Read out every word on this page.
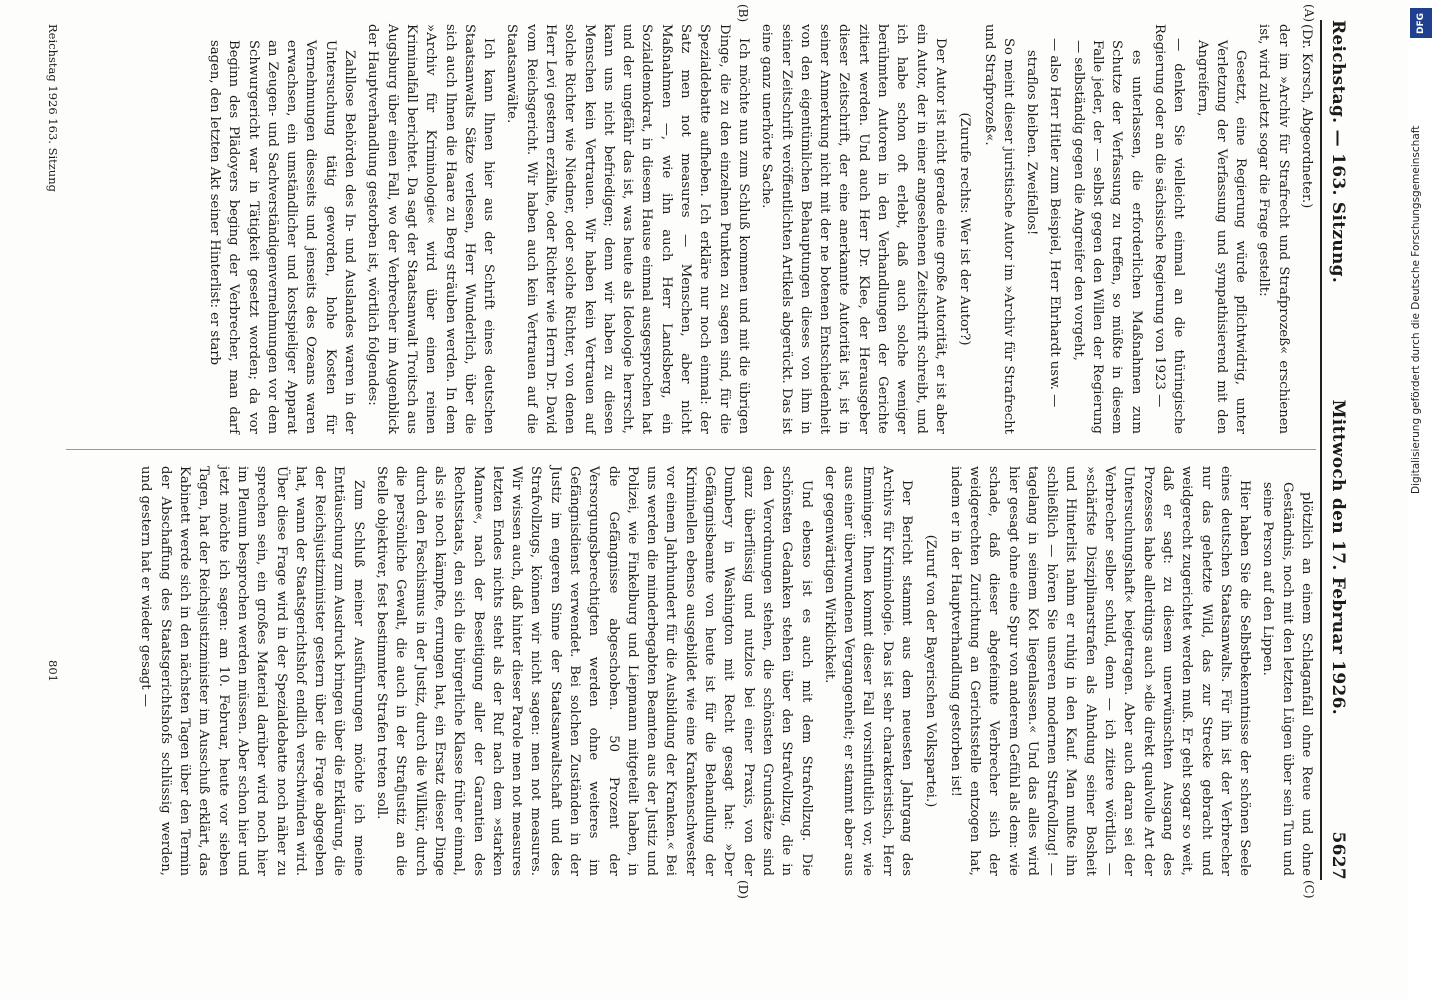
Reichstag. — 163. Sitzung.
Mittwoch den 17. Februar 1926.
5627
(A)
(B)
(C)
(D)

(Dr. Korsch, Abgeordneter.)

der im »Archiv für Strafrecht und Strafprozeß« erschienen ist, wird zuletzt sogar die Frage gestellt:

Gesetzt, eine Regierung würde pflichtwidrig, unter Verletzung der Verfassung und sympathisierend mit den Angreifern,

— denken Sie vielleicht einmal an die thüringische Regierung oder an die sächsische Regierung von 1923 —

es unterlassen, die erforderlichen Maßnahmen zum Schutze der Verfassung zu treffen, so müßte in diesem Falle jeder, der — selbst gegen den Willen der Regierung — selbständig gegen die Angreifer den vorgeht,

— also Herr Hitler zum Beispiel, Herr Ehrhardt usw. —

straflos bleiben. Zweifellos!

So meint dieser juristische Autor im »Archiv für Strafrecht und Strafprozeß«.

(Zurufe rechts: Wer ist der Autor?)

Der Autor ist nicht gerade eine große Autorität, er ist aber ein Autor, der in einer angesehenen Zeitschrift schreibt, und ich habe schon oft erlebt, daß auch solche weniger berühmten Autoren in den Verhandlungen der Gerichte zitiert werden. Und auch Herr Dr. Klee, der Herausgeber dieser Zeitschrift, der eine anerkannte Autorität ist, ist in seiner Anmerkung nicht mit der ne botenen Entschiedenheit von den eigentümlichen Behauptungen dieses von ihm in seiner Zeitschrift veröffentlichten Artikels abgerückt. Das ist eine ganz unerhörte Sache.

Ich möchte nun zum Schluß kommen und mit die übrigen Dinge, die zu den einzelnen Punkten zu sagen sind, für die Spezialdebatte aufheben. Ich erkläre nur noch einmal: der Satz men not measures — Menschen, aber nicht Maßnahmen —, wie ihn auch Herr Landsberg, ein Sozialdemokrat, in diesem Hause einmal ausgesprochen hat und der ungefähr das ist, was heute als Ideologie herrscht, kann uns nicht befriedigen; denn wir haben zu diesen Menschen kein Vertrauen. Wir haben kein Vertrauen auf solche Richter wie Niedner, oder solche Richter, von denen Herr Levi gestern erzählte, oder Richter wie Herrn Dr. David vom Reichsgericht. Wir haben auch kein Vertrauen auf die Staatsanwälte.

Ich kann Ihnen hier aus der Schrift eines deutschen Staatsanwalts Sätze verlesen, Herr Wunderlich, über die sich auch Ihnen die Haare zu Berg sträuben werden. In dem »Archiv für Kriminologie« wird über einen reinen Kriminalfall berichtet. Da sagt der Staatsanwalt Troitsch aus Augsburg über einen Fall, wo der Verbrecher im Augenblick der Hauptverhandlung gestorben ist, wörtlich folgendes:

Zahllose Behörden des In- und Auslandes waren in der Untersuchung tätig geworden, hohe Kosten für Vernehmungen diesseits und jenseits des Ozeans waren erwachsen, ein umständlicher und kostspieliger Apparat an Zeugen- und Sachverständigenvernehmungen vor dem Schwurgericht war in Tätigkeit gesetzt worden; da vor Beginn des Plädoyers beging der Verbrecher, man darf sagen, den letzten Akt seiner Hinterlist: er starb

plötzlich an einem Schlaganfall ohne Reue und ohne Geständnis, noch mit den letzten Lügen über sein Tun und seine Person auf den Lippen.

Hier haben Sie die Selbstbekenntnisse der schönen Seele eines deutschen Staatsanwalts. Für ihn ist der Verbrecher nur das gehetzte Wild, das zur Strecke gebracht und weidgerecht zugerichtet werden muß. Er geht sogar so weit, daß er sagt: zu diesem unerwünschten Ausgang des Prozesses habe allerdings auch »die direkt qualvolle Art der Untersuchungshaft« beigetragen. Aber auch daran sei der Verbrecher selber schuld, denn — ich zitiere wörtlich — »schärfste Disziplinarstrafen als Ahndung seiner Bosheit und Hinterlist nahm er ruhig in den Kauf. Man mußte ihn schließlich — hören Sie unseren modernen Strafvollzug! — tagelang in seinem Kot liegenlassen.« Und das alles wird hier gesagt ohne eine Spur von anderem Gefühl als dem: wie schade, daß dieser abgefeimte Verbrecher sich der weidgerechten Zurichtung an Gerichtsstelle entzogen hat, indem er in der Hauptverhandlung gestorben ist!

(Zuruf von der Bayerischen Volkspartei.)

Der Bericht stammt aus dem neuesten Jahrgang des Archivs für Kriminologie. Das ist sehr charakteristisch, Herr Emminger. Ihnen kommt dieser Fall vorsintflutlich vor, wie aus einer überwundenen Vergangenheit; er stammt aber aus der gegenwärtigen Wirklichkeit.

Und ebenso ist es auch mit dem Strafvollzug. Die schönsten Gedanken stehen über den Strafvollzug, die in den Verordnungen stehen, die schönsten Grundsätze sind ganz überflüssig und nutzlos bei einer Praxis, von der Dumbery in Washington mit Recht gesagt hat: »Der Gefängnisbeamte von heute ist für die Behandlung der Kriminellen ebenso ausgebildet wie eine Krankenschwester vor einem Jahrhundert für die Ausbildung der Kranken.« Bei uns werden die minderbegabten Beamten aus der Justiz und Polizei, wie Finkelburg und Liepmann mitgeteilt haben, in die Gefängnisse abgeschoben. 50 Prozent der Versorgungsberechtigten werden ohne weiteres im Gefängnisdienst verwendet. Bei solchen Zuständen in der Justiz im engeren Sinne der Staatsanwaltschaft und des Strafvollzugs, können wir nicht sagen: men not measures. Wir wissen auch, daß hinter dieser Parole men not measures letzten Endes nichts steht als der Ruf nach dem »starken Manne«, nach der Beseitigung aller der Garantien des Rechtsstaats, den sich die bürgerliche Klasse früher einmal, als sie noch kämpfte, errungen hat, ein Ersatz dieser Dinge durch den Faschismus in der Justiz, durch die Willkür, durch die persönliche Gewalt, die auch in der Strafjustiz an die Stelle objektiver, fest bestimmter Strafen treten soll.

Zum Schluß meiner Ausführungen möchte ich meine Enttäuschung zum Ausdruck bringen über die Erklärung, die der Reichsjustizminister gestern über die Frage abgegeben hat, wann der Staatsgerichtshof endlich verschwinden wird. Über diese Frage wird in der Spezialdebatte noch näher zu sprechen sein, ein großes Material darüber wird noch hier im Plenum besprochen werden müssen. Aber schon hier und jetzt möchte ich sagen: am 10. Februar, heute vor sieben Tagen, hat der Reichsjustizminister im Ausschuß erklärt, das Kabinett werde sich in den nächsten Tagen über den Termin der Abschaffung des Staatsgerichtshofs schlüssig werden, und gestern hat er wieder gesagt —

Reichstag 1926 163. Sitzung
801
DFG
Digitalisierung gefördert durch die Deutsche Forschungsgemeinschaft
